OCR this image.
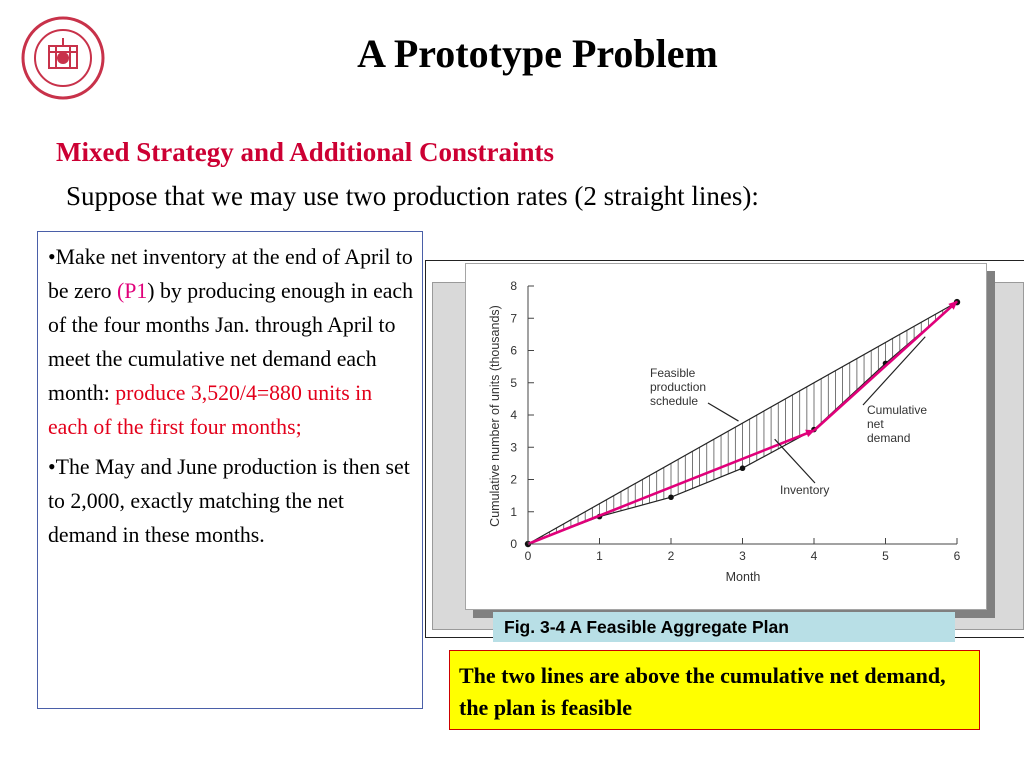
A Prototype Problem
Mixed Strategy and Additional Constraints
Suppose that we may use two production rates (2 straight lines):

•Make net inventory at the end of April to be zero (P1) by producing enough in each of the four months Jan. through April to meet the cumulative net demand each month: produce 3,520/4=880 units in each of the first four months;

•The May and June production is then set to 2,000, exactly matching the net demand in these months.	0
1
2
3
4
5
6
7
8
0	1	2	3	4	5	6
Month
Cumulative number of units (thousands)	Feasible production schedule
Cumulative net demand
Inventory
Fig. 3-4 A Feasible Aggregate Plan
The two lines are above the cumulative net demand, the plan is feasible
